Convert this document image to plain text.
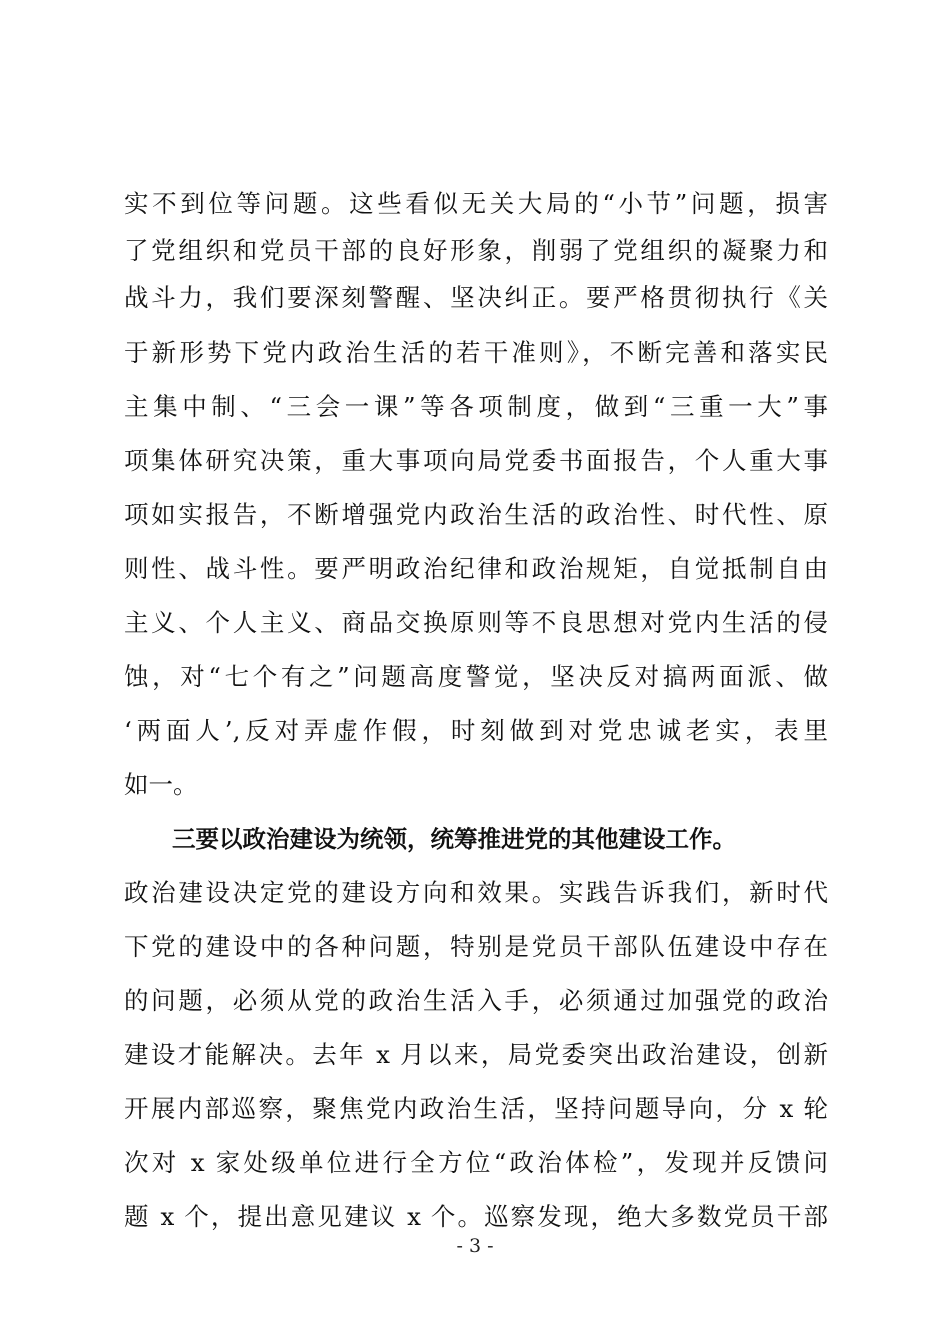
实不到位等问题。这些看似无关大局的“小节”问题，损害
了党组织和党员干部的良好形象，削弱了党组织的凝聚力和
战斗力，我们要深刻警醒、坚决纠正。要严格贯彻执行《关
于新形势下党内政治生活的若干准则》，不断完善和落实民
主集中制、“三会一课”等各项制度，做到“三重一大”事
项集体研究决策，重大事项向局党委书面报告，个人重大事
项如实报告，不断增强党内政治生活的政治性、时代性、原
则性、战斗性。要严明政治纪律和政治规矩，自觉抵制自由
主义、个人主义、商品交换原则等不良思想对党内生活的侵
蚀，对“七个有之”问题高度警觉，坚决反对搞两面派、做
‘两面人’,反对弄虚作假，时刻做到对党忠诚老实，表里
如一。
三要以政治建设为统领，统筹推进党的其他建设工作。
政治建设决定党的建设方向和效果。实践告诉我们，新时代
下党的建设中的各种问题，特别是党员干部队伍建设中存在
的问题，必须从党的政治生活入手，必须通过加强党的政治
建设才能解决。去年 x 月以来，局党委突出政治建设，创新
开展内部巡察，聚焦党内政治生活，坚持问题导向，分 x 轮
次对 x 家处级单位进行全方位“政治体检”，发现并反馈问
题 x 个，提出意见建议 x 个。巡察发现，绝大多数党员干部
- 3 -
